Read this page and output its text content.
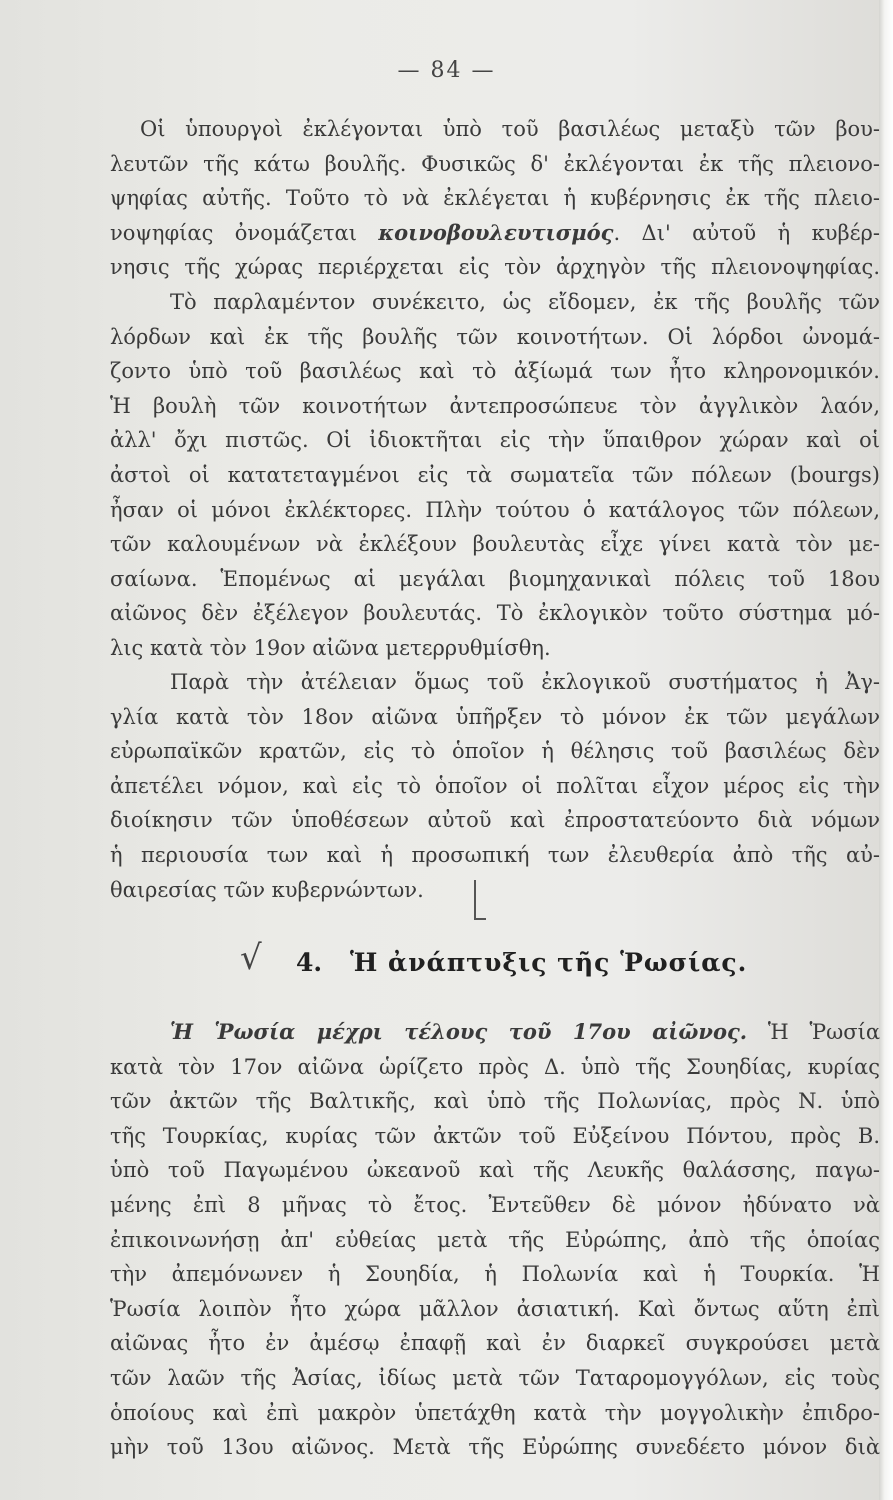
— 84 —
Οἱ ὑπουργοὶ ἐκλέγονται ὑπὸ τοῦ βασιλέως μεταξὺ τῶν βου-
λευτῶν τῆς κάτω βουλῆς. Φυσικῶς δ' ἐκλέγονται ἐκ τῆς πλειονο-
ψηφίας αὐτῆς. Τοῦτο τὸ νὰ ἐκλέγεται ἡ κυβέρνησις ἐκ τῆς πλειο-
νοψηφίας ὀνομάζεται κοινοβουλευτισμός. Δι' αὐτοῦ ἡ κυβέρ-
νησις τῆς χώρας περιέρχεται εἰς τὸν ἀρχηγὸν τῆς πλειονοψηφίας.
Τὸ παρλαμέντον συνέκειτο, ὡς εἴδομεν, ἐκ τῆς βουλῆς τῶν
λόρδων καὶ ἐκ τῆς βουλῆς τῶν κοινοτήτων. Οἱ λόρδοι ὠνομά-
ζοντο ὑπὸ τοῦ βασιλέως καὶ τὸ ἀξίωμά των ἦτο κληρονομικόν.
Ἡ βουλὴ τῶν κοινοτήτων ἀντεπροσώπευε τὸν ἀγγλικὸν λαόν,
ἀλλ' ὄχι πιστῶς. Οἱ ἰδιοκτῆται εἰς τὴν ὕπαιθρον χώραν καὶ οἱ
ἀστοὶ οἱ κατατεταγμένοι εἰς τὰ σωματεῖα τῶν πόλεων (bourgs)
ἦσαν οἱ μόνοι ἐκλέκτορες. Πλὴν τούτου ὁ κατάλογος τῶν πόλεων,
τῶν καλουμένων νὰ ἐκλέξουν βουλευτὰς εἶχε γίνει κατὰ τὸν με-
σαίωνα. Ἑπομένως αἱ μεγάλαι βιομηχανικαὶ πόλεις τοῦ 18ου
αἰῶνος δὲν ἐξέλεγον βουλευτάς. Τὸ ἐκλογικὸν τοῦτο σύστημα μό-
λις κατὰ τὸν 19ον αἰῶνα μετερρυθμίσθη.
Παρὰ τὴν ἀτέλειαν ὅμως τοῦ ἐκλογικοῦ συστήματος ἡ Ἀγ-
γλία κατὰ τὸν 18ον αἰῶνα ὑπῆρξεν τὸ μόνον ἐκ τῶν μεγάλων
εὐρωπαϊκῶν κρατῶν, εἰς τὸ ὁποῖον ἡ θέλησις τοῦ βασιλέως δὲν
ἀπετέλει νόμον, καὶ εἰς τὸ ὁποῖον οἱ πολῖται εἶχον μέρος εἰς τὴν
διοίκησιν τῶν ὑποθέσεων αὐτοῦ καὶ ἐπροστατεύοντο διὰ νόμων
ἡ περιουσία των καὶ ἡ προσωπική των ἐλευθερία ἀπὸ τῆς αὐ-
θαιρεσίας τῶν κυβερνώντων.
√ 4. Ἡ ἀνάπτυξις τῆς Ῥωσίας.
Ἡ Ῥωσία μέχρι τέλους τοῦ 17ου αἰῶνος. Ἡ Ῥωσία
κατὰ τὸν 17ον αἰῶνα ὡρίζετο πρὸς Δ. ὑπὸ τῆς Σουηδίας, κυρίας
τῶν ἀκτῶν τῆς Βαλτικῆς, καὶ ὑπὸ τῆς Πολωνίας, πρὸς Ν. ὑπὸ
τῆς Τουρκίας, κυρίας τῶν ἀκτῶν τοῦ Εὐξείνου Πόντου, πρὸς Β.
ὑπὸ τοῦ Παγωμένου ὠκεανοῦ καὶ τῆς Λευκῆς θαλάσσης, παγω-
μένης ἐπὶ 8 μῆνας τὸ ἔτος. Ἐντεῦθεν δὲ μόνον ἠδύνατο νὰ
ἐπικοινωνήσῃ ἀπ' εὐθείας μετὰ τῆς Εὐρώπης, ἀπὸ τῆς ὁποίας
τὴν ἀπεμόνωνεν ἡ Σουηδία, ἡ Πολωνία καὶ ἡ Τουρκία. Ἡ
Ῥωσία λοιπὸν ἦτο χώρα μᾶλλον ἀσιατική. Καὶ ὄντως αὕτη ἐπὶ
αἰῶνας ἦτο ἐν ἀμέσῳ ἐπαφῇ καὶ ἐν διαρκεῖ συγκρούσει μετὰ
τῶν λαῶν τῆς Ἀσίας, ἰδίως μετὰ τῶν Ταταρομογγόλων, εἰς τοὺς
ὁποίους καὶ ἐπὶ μακρὸν ὑπετάχθη κατὰ τὴν μογγολικὴν ἐπιδρο-
μὴν τοῦ 13ου αἰῶνος. Μετὰ τῆς Εὐρώπης συνεδέετο μόνον διὰ
